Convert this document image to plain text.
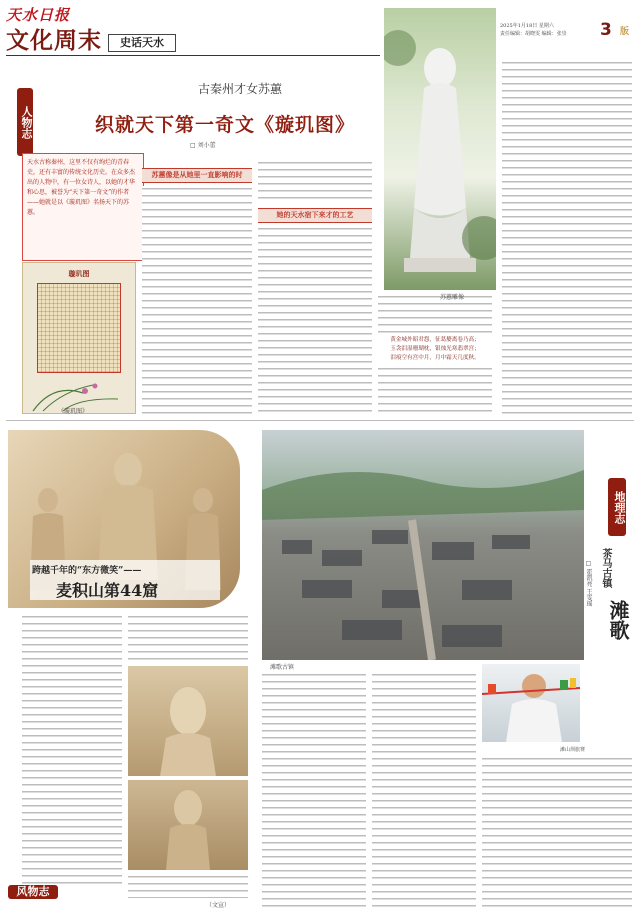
天水日报
文化周末	史话天水
2025年1月18日 星期六
责任编辑：胡晓雯 编辑：张崇	3 版
人物志
风物志
古秦州才女苏蕙
织就天下第一奇文《璇玑图》
□ 刘小蕾
天水古称秦州，这里不仅有绚烂的青春史，还有丰富的传统文化历史。在众多杰出的人物中，有一位女诗人，以她的才华和心思，被誉为“天下第一奇文”的作者——她就是以《璇玑图》名扬天下的苏蕙。
璇玑图
《璇玑图》
苏蕙像是从她里一直影响的时
她的天水宿下来才的工艺
黄金城外昭君怨，征葛嫠离卷乃高；
玉衾泪湿珊瑚枕，银烛光寒翡翠宫；
泪痕空有宫中月，月中霜天几度秋。
苏蕙雕像
跨越千年的“东方微笑”——
麦积山第44窟
（文宣）
滩歌古镇
地理志
茶马古镇
滩歌
□ 霍凯亮 王雯瑶
滩山坝旅赛
